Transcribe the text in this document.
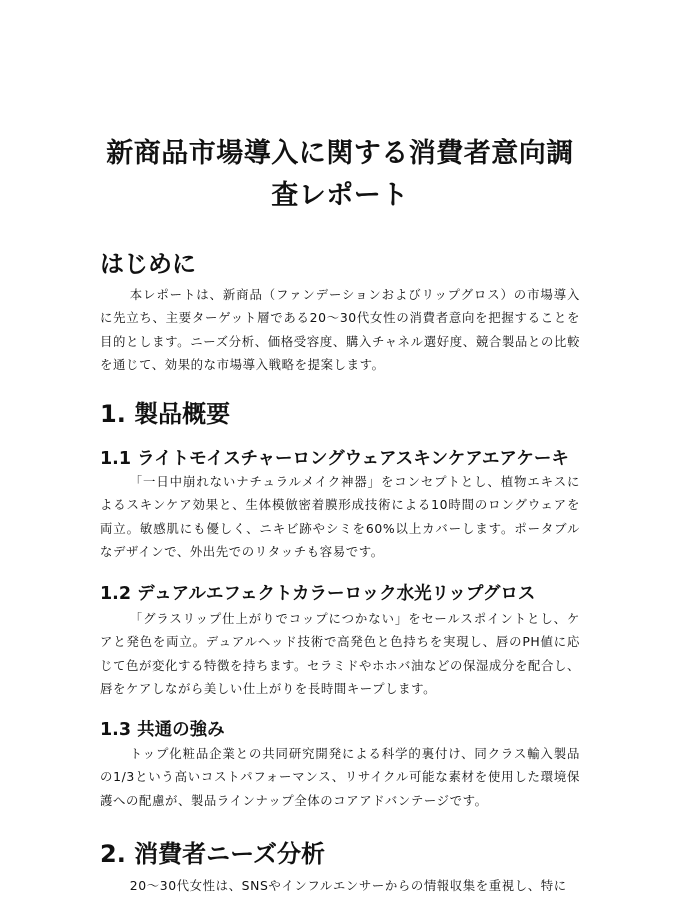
新商品市場導入に関する消費者意向調査レポート
はじめに

本レポートは、新商品（ファンデーションおよびリップグロス）の市場導入に先立ち、主要ターゲット層である20〜30代女性の消費者意向を把握することを目的とします。ニーズ分析、価格受容度、購入チャネル選好度、競合製品との比較を通じて、効果的な市場導入戦略を提案します。

1. 製品概要
1.1 ライトモイスチャーロングウェアスキンケアエアケーキ

「一日中崩れないナチュラルメイク神器」をコンセプトとし、植物エキスによるスキンケア効果と、生体模倣密着膜形成技術による10時間のロングウェアを両立。敏感肌にも優しく、ニキビ跡やシミを60%以上カバーします。ポータブルなデザインで、外出先でのリタッチも容易です。

1.2 デュアルエフェクトカラーロック水光リップグロス

「グラスリップ仕上がりでコップにつかない」をセールスポイントとし、ケアと発色を両立。デュアルヘッド技術で高発色と色持ちを実現し、唇のPH値に応じて色が変化する特徴を持ちます。セラミドやホホバ油などの保湿成分を配合し、唇をケアしながら美しい仕上がりを長時間キープします。

1.3 共通の強み

トップ化粧品企業との共同研究開発による科学的裏付け、同クラス輸入製品の1/3という高いコストパフォーマンス、リサイクル可能な素材を使用した環境保護への配慮が、製品ラインナップ全体のコアアドバンテージです。

2. 消費者ニーズ分析

20〜30代女性は、SNSやインフルエンサーからの情報収集を重視し、特に
